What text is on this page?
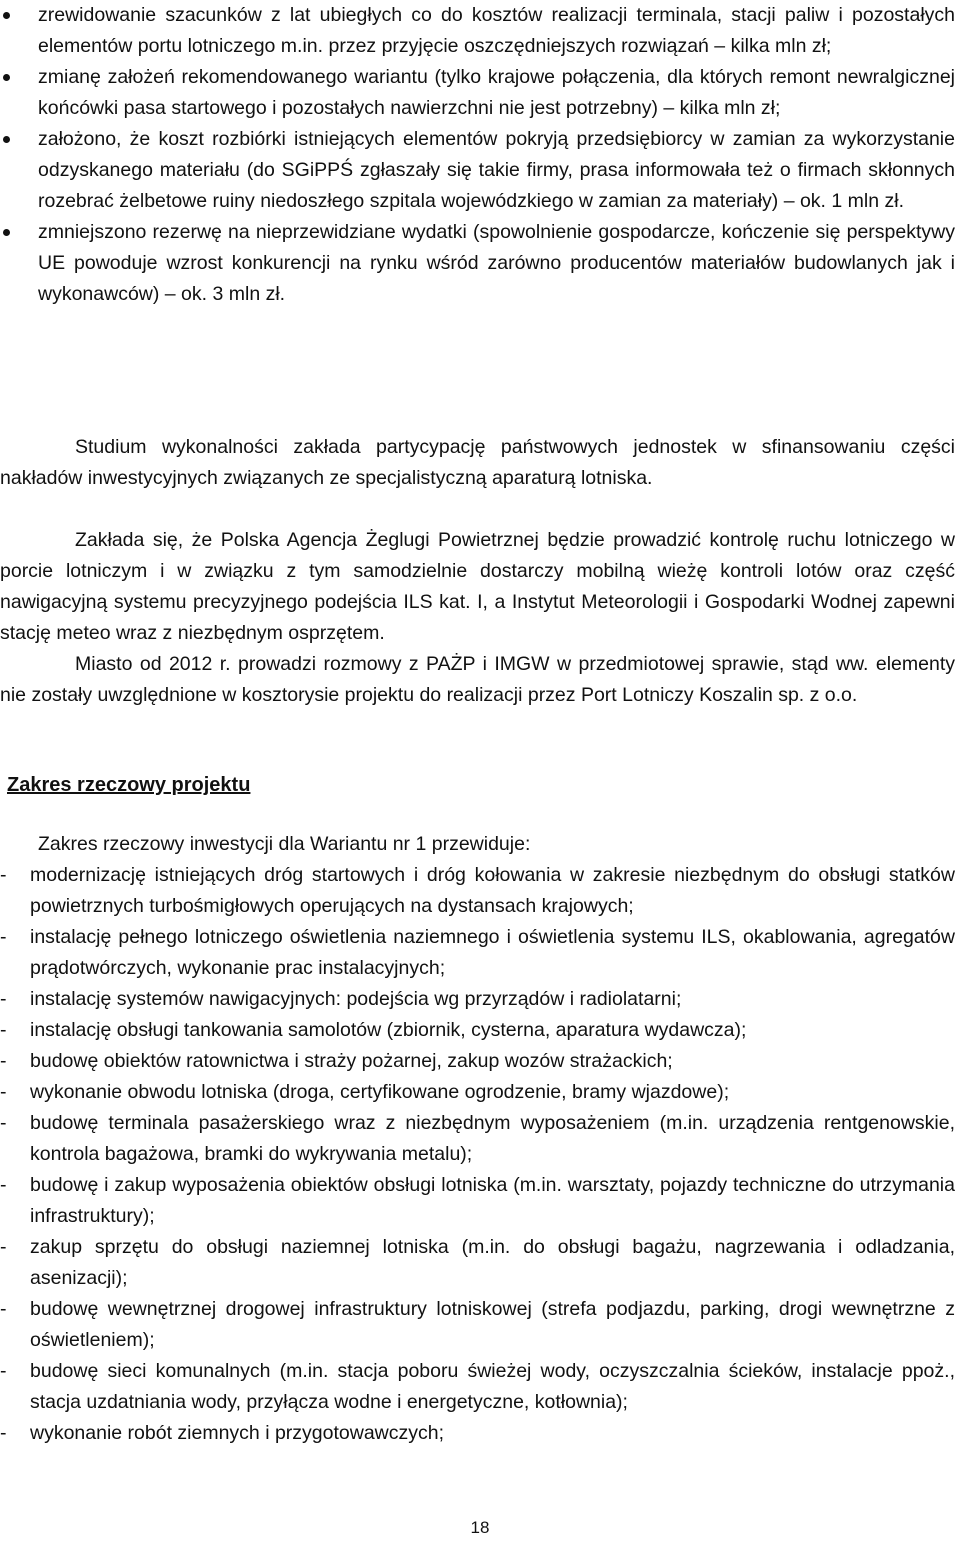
zrewidowanie szacunków z lat ubiegłych co do kosztów realizacji terminala, stacji paliw i pozostałych elementów portu lotniczego m.in. przez przyjęcie oszczędniejszych rozwiązań – kilka mln zł;
zmianę założeń rekomendowanego wariantu (tylko krajowe połączenia, dla których remont newralgicznej końcówki pasa startowego i pozostałych nawierzchni nie jest potrzebny) – kilka mln zł;
założono, że koszt rozbiórki istniejących elementów pokryją przedsiębiorcy w zamian za wykorzystanie odzyskanego materiału (do SGiPPŚ zgłaszały się takie firmy, prasa informowała też o firmach skłonnych rozebrać żelbetowe ruiny niedoszłego szpitala wojewódzkiego w zamian za materiały) – ok. 1 mln zł.
zmniejszono rezerwę na nieprzewidziane wydatki (spowolnienie gospodarcze, kończenie się perspektywy UE powoduje wzrost konkurencji na rynku wśród zarówno producentów materiałów budowlanych jak i wykonawców) – ok. 3 mln zł.

Studium wykonalności zakłada partycypację państwowych jednostek w sfinansowaniu części nakładów inwestycyjnych związanych ze specjalistyczną aparaturą lotniska.

Zakłada się, że Polska Agencja Żeglugi Powietrznej będzie prowadzić kontrolę ruchu lotniczego w porcie lotniczym i w związku z tym samodzielnie dostarczy mobilną wieżę kontroli lotów oraz część nawigacyjną systemu precyzyjnego podejścia ILS kat. I, a Instytut Meteorologii i Gospodarki Wodnej zapewni stację meteo wraz z niezbędnym osprzętem.

Miasto od 2012 r. prowadzi rozmowy z PAŻP i IMGW w przedmiotowej sprawie, stąd ww. elementy nie zostały uwzględnione w kosztorysie projektu do realizacji przez Port Lotniczy Koszalin sp. z o.o.

Zakres rzeczowy projektu

Zakres rzeczowy inwestycji dla Wariantu nr 1 przewiduje:

- modernizację istniejących dróg startowych i dróg kołowania w zakresie niezbędnym do obsługi statków powietrznych turbośmigłowych operujących na dystansach krajowych;
- instalację pełnego lotniczego oświetlenia naziemnego i oświetlenia systemu ILS, okablowania, agregatów prądotwórczych, wykonanie prac instalacyjnych;
- instalację systemów nawigacyjnych: podejścia wg przyrządów i radiolatarni;
- instalację obsługi tankowania samolotów (zbiornik, cysterna, aparatura wydawcza);
- budowę obiektów ratownictwa i straży pożarnej, zakup wozów strażackich;
- wykonanie obwodu lotniska (droga, certyfikowane ogrodzenie, bramy wjazdowe);
- budowę terminala pasażerskiego wraz z niezbędnym wyposażeniem (m.in. urządzenia rentgenowskie, kontrola bagażowa, bramki do wykrywania metalu);
- budowę i zakup wyposażenia obiektów obsługi lotniska (m.in. warsztaty, pojazdy techniczne do utrzymania infrastruktury);
- zakup sprzętu do obsługi naziemnej lotniska (m.in. do obsługi bagażu, nagrzewania i odladzania, asenizacji);
- budowę wewnętrznej drogowej infrastruktury lotniskowej (strefa podjazdu, parking, drogi wewnętrzne z oświetleniem);
- budowę sieci komunalnych (m.in. stacja poboru świeżej wody, oczyszczalnia ścieków, instalacje ppoż., stacja uzdatniania wody, przyłącza wodne i energetyczne, kotłownia);
- wykonanie robót ziemnych i przygotowawczych;
18
